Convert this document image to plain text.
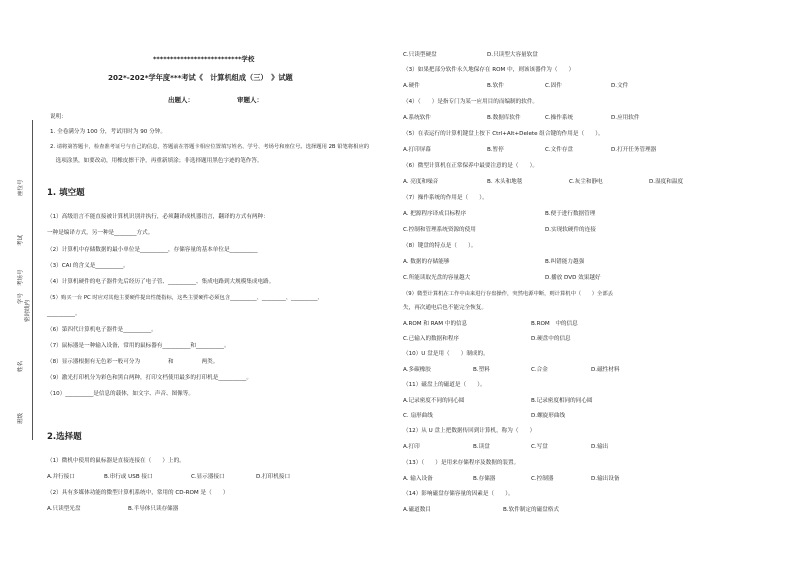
座位号
考试
考场号
学号
密封线内
姓名
班级
**************************学校
202*-202*学年度***考试《　计算机组成（三）　》试题
出题人：	审题人：
说明：
1. 全卷满分为 100 分，考试用时为 90 分钟。
2. 请将第答题卡，检查准考证号与自己的信息，答题前在答题卡相应位置填写姓名、学号、考场号和座位号。选择题用 2B 铅笔将相应的
　选项涂黑，如要改动，用橡皮擦干净，再重新填涂；非选择题用黑色字迹的笔作答。
1. 填空题
（1）高级语言不能直接被计算机识别并执行，必须翻译成机器语言，翻译的方式有两种：
一种是编译方式，另一种是________方式。
（2）计算机中存储数据的最小单位是__________，存储容量的基本单位是__________
（3）CAI 的含义是__________。
（4）计算机硬件的电子器件先后经历了电子管、__________、集成电路到大规模集成电路。
（5）购买一台 PC 时应对其他主要硬件提出性能指标，这些主要硬件必须包含__________、_________、__________、
__________。
（6）第四代计算机电子器件是__________。
（7）鼠标器是一种输入设备，常用的鼠标器有__________和__________。
（8）显示器根据有无色彩一般可分为　　　　　和　　　　　两类。
（9）激光打印机分为彩色和黑白两种，打印文档使用最多的打印机是__________。
（10）__________是信息的载体，如文字、声音、图像等。
2.选择题
（1）微机中使用的鼠标器是直接连接在（　　）上的。
A.并行接口	B.串行或 USB 接口	C.显示器接口	D.打印机接口
（2）具有多媒体功能的微型计算机系统中，常用的 CD-ROM 是（　　）
A.只读型光盘	B.半导体只读存储器
C.只读型硬盘	D.只读型大容量软盘
（3）如果把部分软件永久地保存在 ROM 中，则该该器件为（　　）
A.硬件	B.软件	C.固件	D.文件
（4）（　　）是指专门为某一应用目的而编制的软件。
A.系统软件	B.数据库软件	C.操作系统	D.应用软件
（5）在表运行的计算机键盘上按下 Ctrl+Alt+Delete 组合键的作用是（　　）。
A.打印屏幕	B.暂停	C.文件存盘	D.打开任务管理器
（6）微型计算机在正常保养中最要注意的是（　　）。
A. 亮度和噪音	B. 木头和地毯	C.灰尘和静电	D.湿度和温度
（7）操作系统的作用是（　　）。
A. 把源程序译成目标程序	B.便于进行数据管理
C.控制和管理系统资源的使用	D.实现软硬件的连接
（8）键盘的特点是（　　）。
A. 数据的存储能够	B.纠错能力越强
C.所能读取光盘的容量越大	D.播放 DVD 效果越好
（9）微型计算机在工作中由来进行存盘操作，突然电源中断，则计算机中（　　）全部丢
失，再次通电后也不能完全恢复。
A.ROM 和 RAM 中的信息	B.ROM　中的信息
C.已输入的数据和程序	D.硬盘中的信息
（10）U 盘是用（　　）制成的。
A.多碳橡胶	B.塑料	C.合金	D.磁性材料
（11）磁盘上的磁道是（　　）。
A.记录密度不同的同心圆	B.记录密度相同的同心圆
C. 扇形曲线	D.螺旋形曲线
（12）从 U 盘上把数据传回到计算机，称为（　　）
A.打印	B.读盘	C.写盘	D.输出
（13）（　　）是用来存储程序及数据的装置。
A. 输入设备	B.存储器	C.控制器	D.输出设备
（14）影响磁盘存储容量的因素是（　　）。
A.磁道数目	B.软件制定的磁盘格式
